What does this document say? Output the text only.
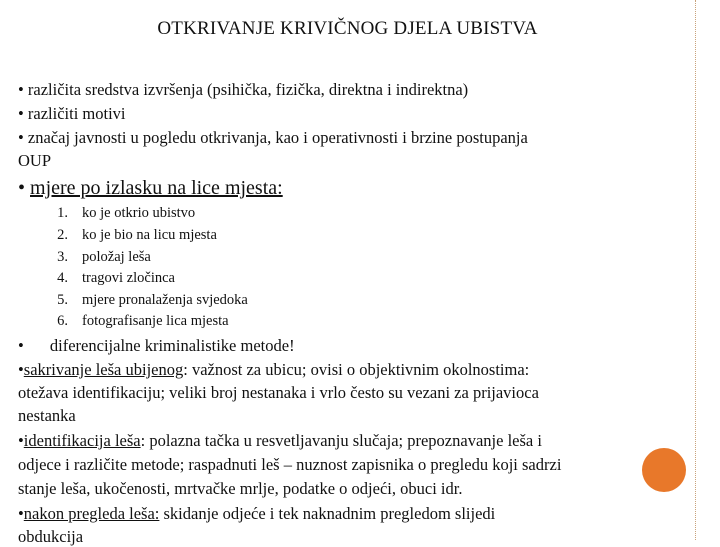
OTKRIVANJE KRIVIČNOG DJELA UBISTVA
• različita sredstva izvršenja (psihička, fizička, direktna i indirektna)
• različiti motivi
• značaj javnosti u pogledu otkrivanja, kao i operativnosti i brzine postupanja
OUP
• mjere po izlasku na lice mjesta:
1. ko je otkrio ubistvo
2. ko je bio na licu mjesta
3. položaj leša
4. tragovi zločinca
5. mjere pronalaženja svjedoka
6. fotografisanje lica mjesta
• diferencijalne kriminalistike metode!
•sakrivanje leša ubijenog: važnost za ubicu; ovisi o objektivnim okolnostima:
otežava identifikaciju; veliki broj nestanaka i vrlo često su vezani za prijavioca
nestanka
•identifikacija leša: polazna tačka u resvetljavanju slučaja; prepoznavanje leša i
odjece i različite metode; raspadnuti leš – nuznost zapisnika o pregledu koji sadrzi
stanje leša, ukočenosti, mrtvačke mrlje, podatke o odjeći, obuci idr.
•nakon pregleda leša: skidanje odjeće i tek naknadnim pregledom slijedi
obdukcija
